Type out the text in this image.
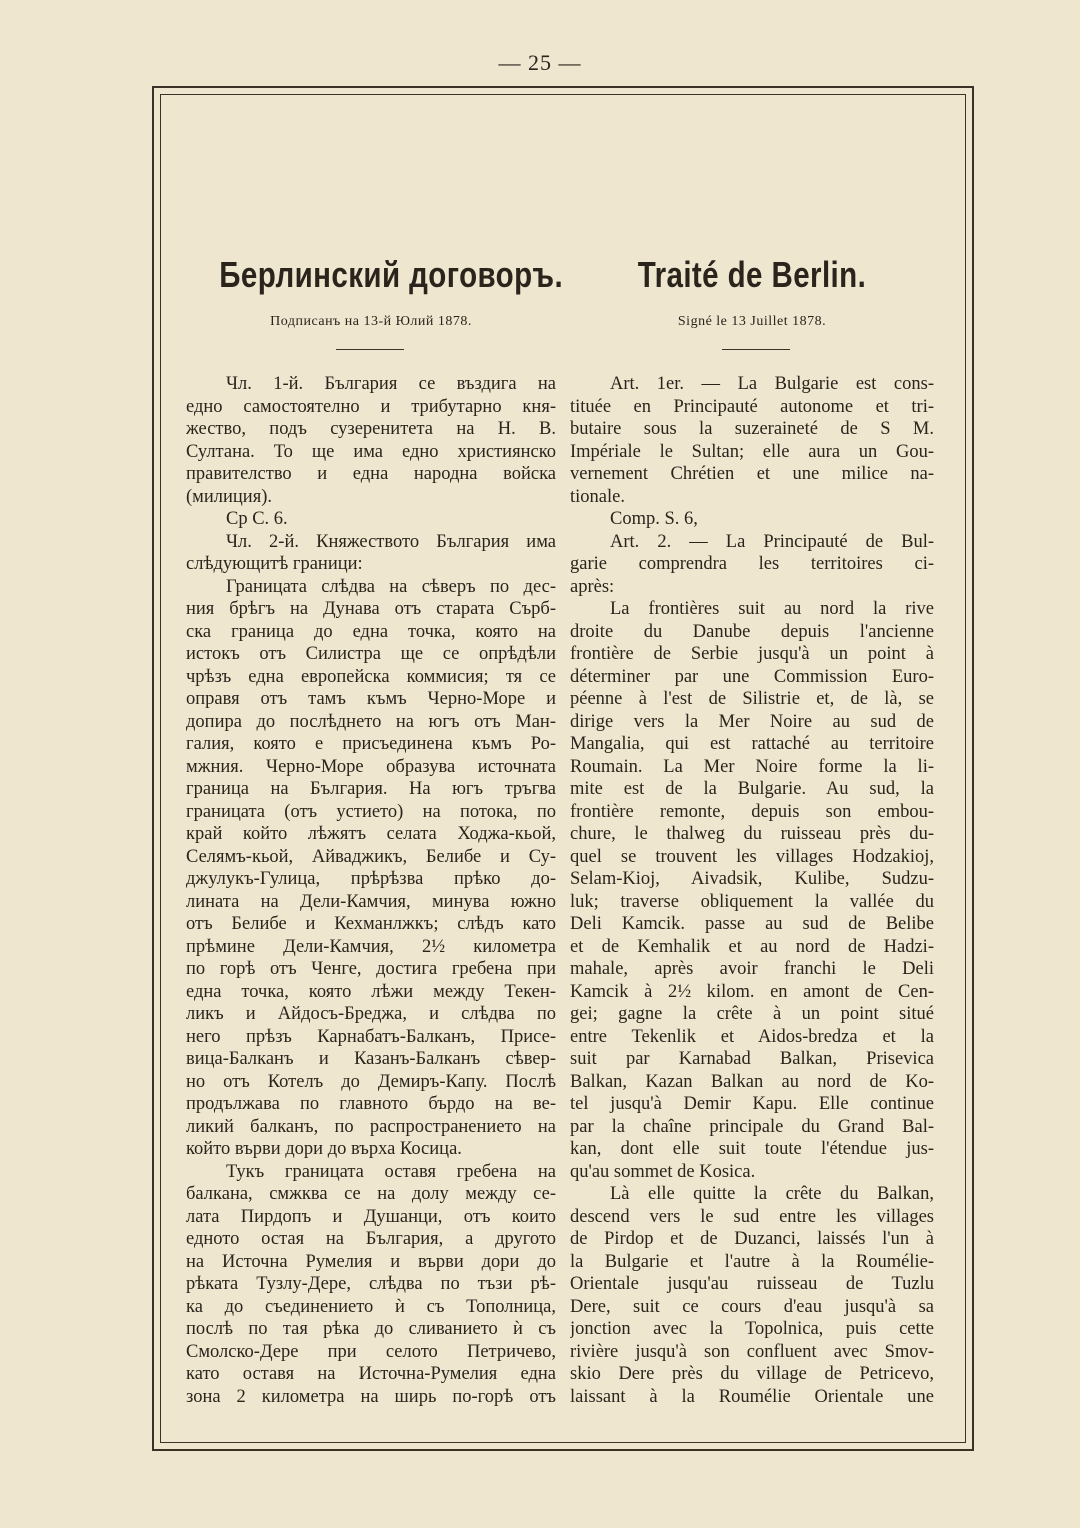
— 25 —
Берлинский договоръ.	Traité de Berlin.
Подписанъ на 13-й Юлий 1878.	Signé le 13 Juillet 1878.
Чл. 1-й. България се въздига на
едно самостоятелно и трибутарно кня-
жество, подъ сузеренитета на Н. В.
Султана. То ще има едно християнско
правителство и една народна войска
(милиция).
Ср С. 6.
Чл. 2-й. Княжеството България има
слѣдующитѣ граници:
Границата слѣдва на сѣверъ по дес-
ния брѣгъ на Дунава отъ старата Сърб-
ска граница до една точка, която на
истокъ отъ Силистра ще се опрѣдѣли
чрѣзъ една европейска коммисия; тя се
оправя отъ тамъ къмъ Черно-Море и
допира до послѣднето на югъ отъ Ман-
галия, която е присъединена къмъ Ро-
мжния. Черно-Море образува источната
граница на България. На югъ тръгва
границата (отъ устието) на потока, по
край който лѣжятъ селата Ходжа-кьой,
Селямъ-кьой, Айваджикъ, Белибе и Су-
джулукъ-Гулица, прѣрѣзва прѣко до-
лината на Дели-Камчия, минува южно
отъ Белибе и Кехманлжкъ; слѣдъ като
прѣмине Дели-Камчия, 2½ километра
по горѣ отъ Ченге, достига гребена при
една точка, която лѣжи между Текен-
ликъ и Айдосъ-Бреджа, и слѣдва по
него прѣзъ Карнабатъ-Балканъ, Присе-
вица-Балканъ и Казанъ-Балканъ сѣвер-
но отъ Котелъ до Демиръ-Капу. Послѣ
продължава по главното бърдо на ве-
ликий балканъ, по распространението на
който върви дори до върха Косица.
Тукъ границата оставя гребена на
балкана, смжква се на долу между се-
лата Пирдопъ и Душанци, отъ които
едното остая на България, а другото
на Источна Румелия и върви дори до
рѣката Тузлу-Дере, слѣдва по тъзи рѣ-
ка до съединението ѝ съ Тополница,
послѣ по тая рѣка до сливанието ѝ съ
Смолско-Дере при селото Петричево,
като оставя на Источна-Румелия една
зона 2 километра на ширь по-горѣ отъ
Art. 1er. — La Bulgarie est cons-
tituée en Principauté autonome et tri-
butaire sous la suzeraineté de S M.
Impériale le Sultan; elle aura un Gou-
vernement Chrétien et une milice na-
tionale.
Comp. S. 6,
Art. 2. — La Principauté de Bul-
garie comprendra les territoires ci-
après:
La frontières suit au nord la rive
droite du Danube depuis l'ancienne
frontière de Serbie jusqu'à un point à
déterminer par une Commission Euro-
péenne à l'est de Silistrie et, de là, se
dirige vers la Mer Noire au sud de
Mangalia, qui est rattaché au territoire
Roumain. La Mer Noire forme la li-
mite est de la Bulgarie. Au sud, la
frontière remonte, depuis son embou-
chure, le thalweg du ruisseau près du-
quel se trouvent les villages Hodzakioj,
Selam-Kioj, Aivadsik, Kulibe, Sudzu-
luk; traverse obliquement la vallée du
Deli Kamcik. passe au sud de Belibe
et de Kemhalik et au nord de Hadzi-
mahale, après avoir franchi le Deli
Kamcik à 2½ kilom. en amont de Cen-
gei; gagne la crête à un point situé
entre Tekenlik et Aidos-bredza et la
suit par Karnabad Balkan, Prisevica
Balkan, Kazan Balkan au nord de Ko-
tel jusqu'à Demir Kapu. Elle continue
par la chaîne principale du Grand Bal-
kan, dont elle suit toute l'étendue jus-
qu'au sommet de Kosica.
Là elle quitte la crête du Balkan,
descend vers le sud entre les villages
de Pirdop et de Duzanci, laissés l'un à
la Bulgarie et l'autre à la Roumélie-
Orientale jusqu'au ruisseau de Tuzlu
Dere, suit ce cours d'eau jusqu'à sa
jonction avec la Topolnica, puis cette
rivière jusqu'à son confluent avec Smov-
skio Dere près du village de Petricevo,
laissant à la Roumélie Orientale une
